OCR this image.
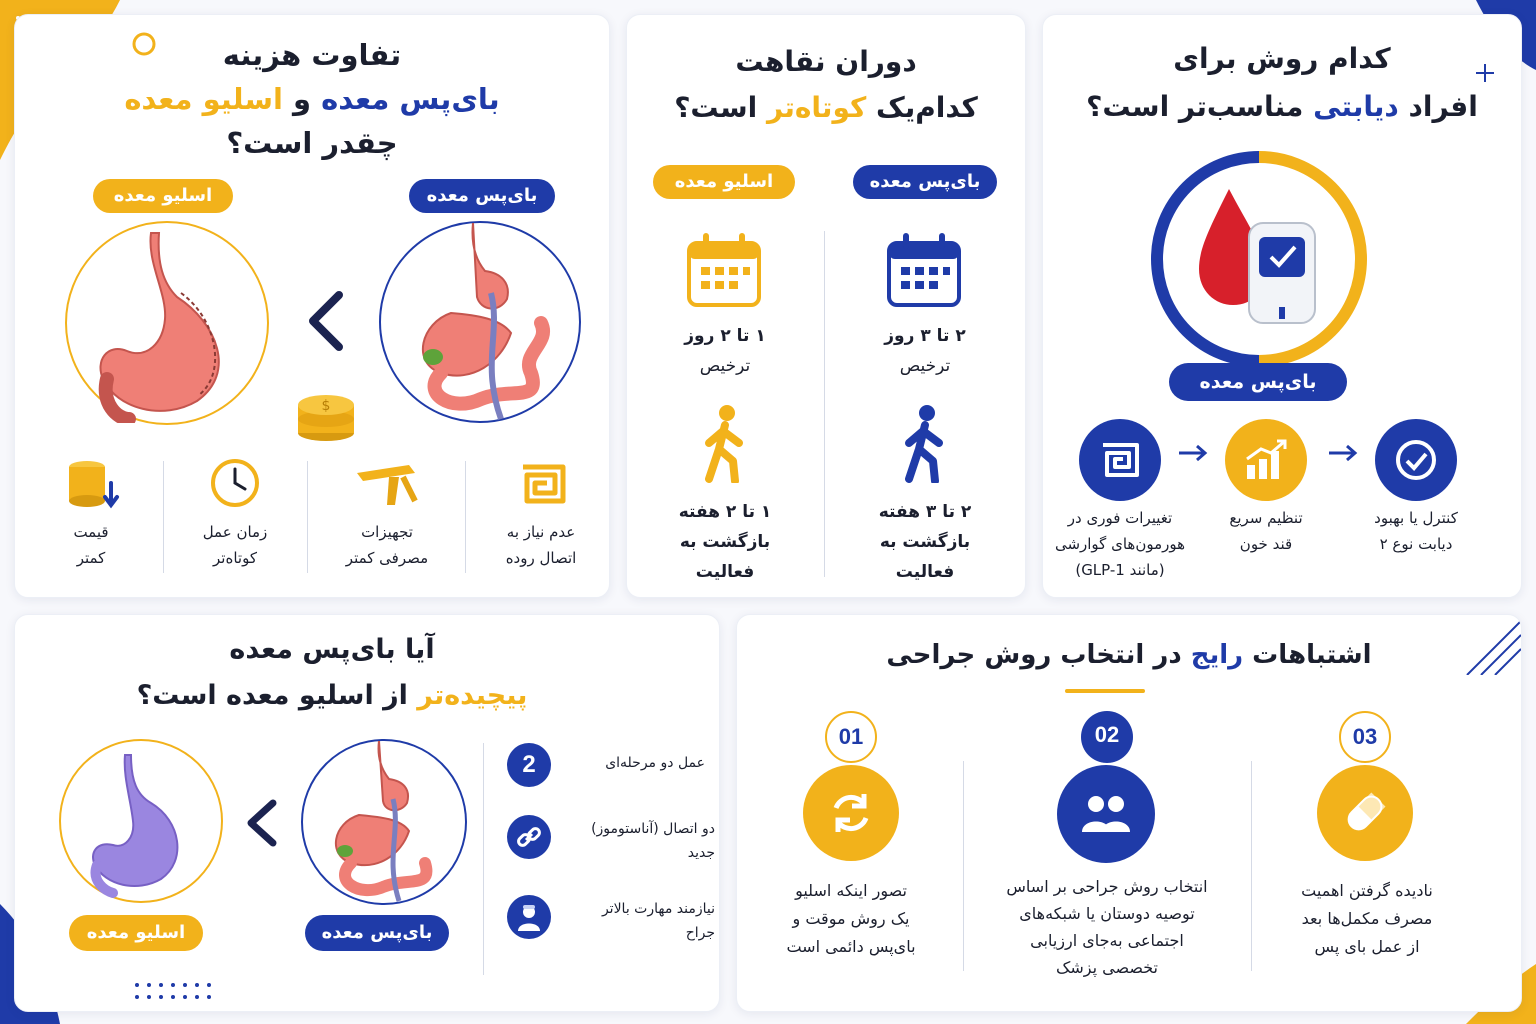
تفاوت هزینه
بای‌پس معده و اسلیو معده
چقدر است؟
بای‌پس معده
اسلیو معده
$
عدم نیاز به
اتصال روده
تجهیزات
مصرفی کمتر
زمان عمل
کوتاه‌تر
قیمت
کمتر
دوران نقاهت
کدام‌یک کوتاه‌تر است؟
بای‌پس معده
اسلیو معده
۲ تا ۳ روز
ترخیص
۲ تا ۳ هفته
بازگشت به
فعالیت
۱ تا ۲ روز
ترخیص
۱ تا ۲ هفته
بازگشت به
فعالیت
کدام روش برای
افراد دیابتی مناسب‌تر است؟
بای‌پس معده
تغییرات فوری در
هورمون‌های گوارشی
(مانند GLP-1)
تنظیم سریع
قند خون
کنترل یا بهبود
دیابت نوع ۲
آیا بای‌پس معده
پیچیده‌تر از اسلیو معده است؟
اسلیو معده	بای‌پس معده
2	عمل دو مرحله‌ای
دو اتصال (آناستوموز)
جدید
نیازمند مهارت بالاتر
جراح
اشتباهات رایج در انتخاب روش جراحی
01
تصور اینکه اسلیو
یک روش موقت و
بای‌پس دائمی است
02
انتخاب روش جراحی بر اساس
توصیه دوستان یا شبکه‌های
اجتماعی به‌جای ارزیابی
تخصصی پزشک
03
نادیده گرفتن اهمیت
مصرف مکمل‌ها بعد
از عمل بای پس
